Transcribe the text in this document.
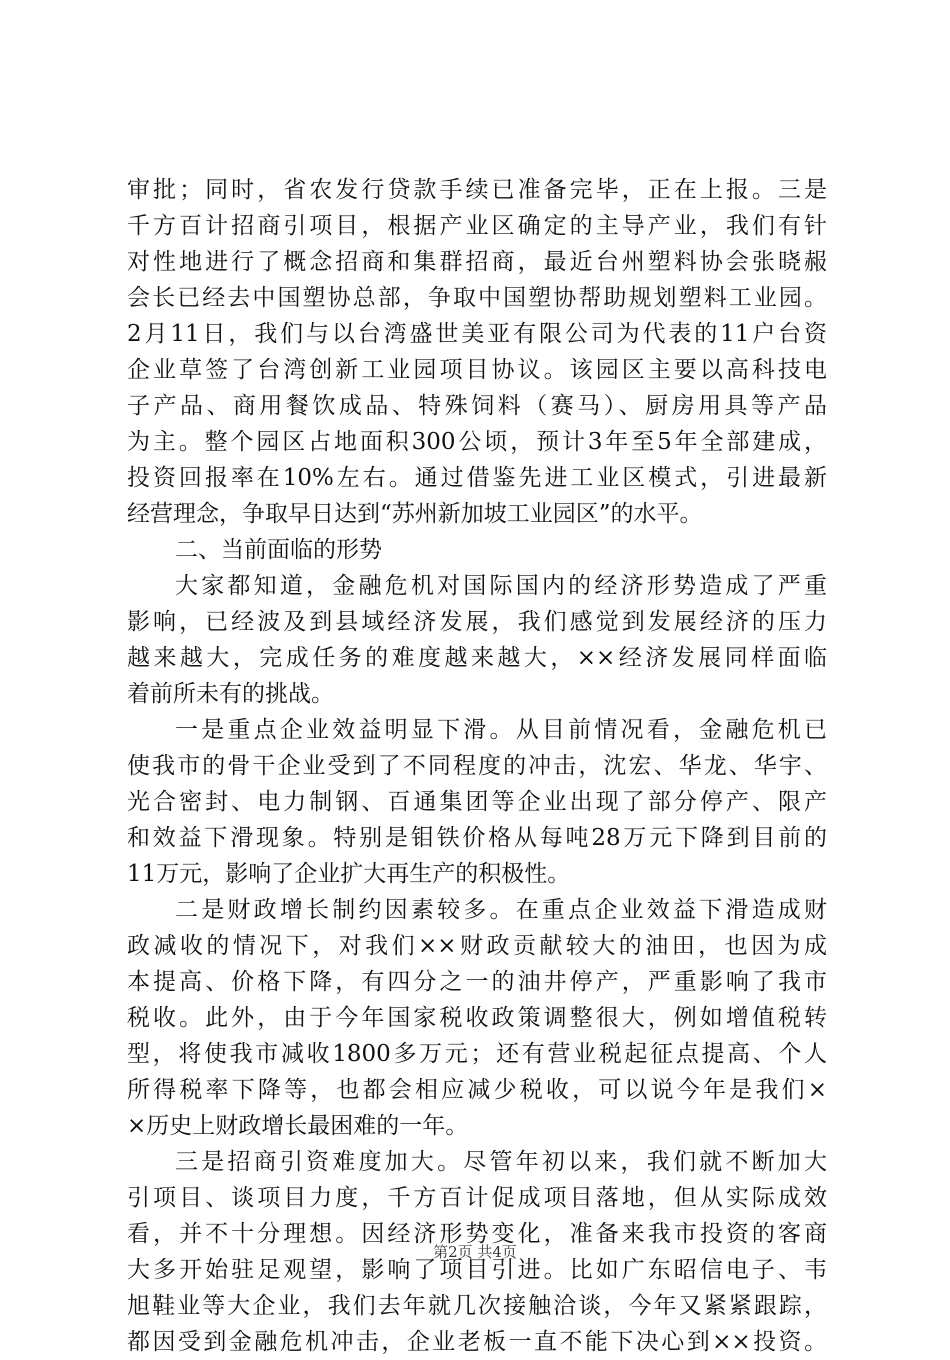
审批；同时，省农发行贷款手续已准备完毕，正在上报。三是
千方百计招商引项目，根据产业区确定的主导产业，我们有针
对性地进行了概念招商和集群招商，最近台州塑料协会张晓赧
会长已经去中国塑协总部，争取中国塑协帮助规划塑料工业园。
2月11日，我们与以台湾盛世美亚有限公司为代表的11户台资
企业草签了台湾创新工业园项目协议。该园区主要以高科技电
子产品、商用餐饮成品、特殊饲料（赛马）、厨房用具等产品
为主。整个园区占地面积300公顷，预计3年至5年全部建成，
投资回报率在10%左右。通过借鉴先进工业区模式，引进最新
经营理念，争取早日达到“苏州新加坡工业园区”的水平。
二、当前面临的形势
大家都知道，金融危机对国际国内的经济形势造成了严重
影响，已经波及到县域经济发展，我们感觉到发展经济的压力
越来越大，完成任务的难度越来越大，××经济发展同样面临
着前所未有的挑战。
一是重点企业效益明显下滑。从目前情况看，金融危机已
使我市的骨干企业受到了不同程度的冲击，沈宏、华龙、华宇、
光合密封、电力制钢、百通集团等企业出现了部分停产、限产
和效益下滑现象。特别是钼铁价格从每吨28万元下降到目前的
11万元，影响了企业扩大再生产的积极性。
二是财政增长制约因素较多。在重点企业效益下滑造成财
政减收的情况下，对我们××财政贡献较大的油田，也因为成
本提高、价格下降，有四分之一的油井停产，严重影响了我市
税收。此外，由于今年国家税收政策调整很大，例如增值税转
型，将使我市减收1800多万元；还有营业税起征点提高、个人
所得税率下降等，也都会相应减少税收，可以说今年是我们×
×历史上财政增长最困难的一年。
三是招商引资难度加大。尽管年初以来，我们就不断加大
引项目、谈项目力度，千方百计促成项目落地，但从实际成效
看，并不十分理想。因经济形势变化，准备来我市投资的客商
大多开始驻足观望，影响了项目引进。比如广东昭信电子、韦
旭鞋业等大企业，我们去年就几次接触洽谈，今年又紧紧跟踪，
都因受到金融危机冲击，企业老板一直不能下决心到××投资。
第2页 共4页
